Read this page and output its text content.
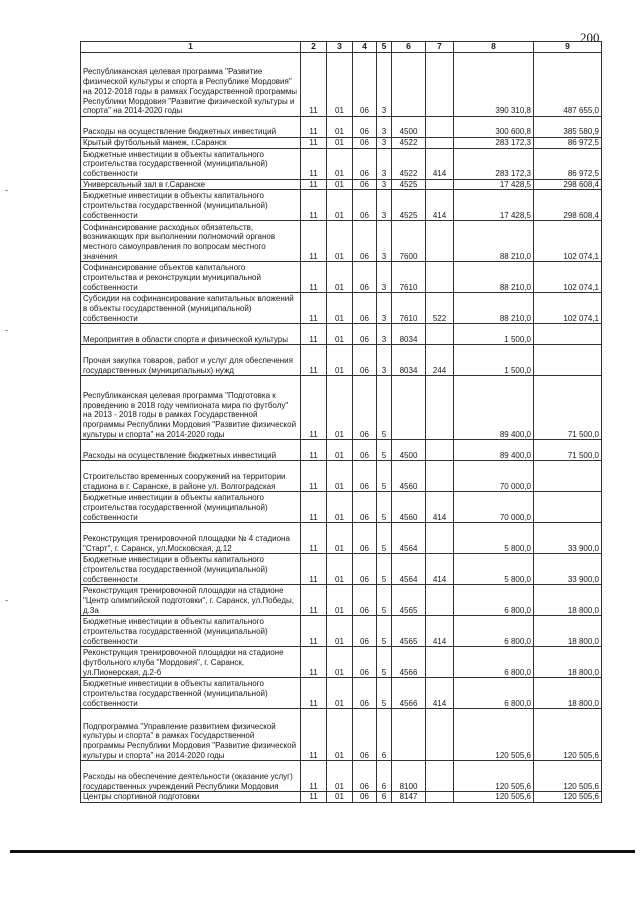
200
1	2	3	4	5	6	7	8	9
Республиканская целевая программа "Развитие физической культуры и спорта в Республике Мордовия" на 2012-2018 годы в рамках Государственной программы Республики Мордовия "Развитие физической культуры и спорта" на 2014-2020 годы	11	01	06	3			390 310,8	487 655,0
Расходы на осуществление бюджетных инвестиций	11	01	06	3	4500		300 600,8	385 580,9
Крытый футбольный манеж, г.Саранск	11	01	06	3	4522		283 172,3	86 972,5
Бюджетные инвестиции в объекты капитального строительства государственной (муниципальной) собственности	11	01	06	3	4522	414	283 172,3	86 972,5
Универсальный зал в г.Саранске	11	01	06	3	4525		17 428,5	298 608,4
Бюджетные инвестиции в объекты капитального строительства государственной (муниципальной) собственности	11	01	06	3	4525	414	17 428,5	298 608,4
Софинансирование расходных обязательств, возникающих при выполнении полномочий органов местного самоуправления по вопросам местного значения	11	01	06	3	7600		88 210,0	102 074,1
Софинансирование объектов капитального строительства и реконструкции муниципальной собственности	11	01	06	3	7610		88 210,0	102 074,1
Субсидии на софинансирование капитальных вложений в объекты государственной (муниципальной) собственности	11	01	06	3	7610	522	88 210,0	102 074,1
Мероприятия в области спорта и физической культуры	11	01	06	3	8034		1 500,0	
Прочая закупка товаров, работ и услуг для обеспечения государственных (муниципальных) нужд	11	01	06	3	8034	244	1 500,0	
Республиканская целевая программа "Подготовка к проведению в 2018 году чемпионата мира по футболу" на 2013 - 2018 годы в рамках Государственной программы Республики Мордовия "Развитие физической культуры и спорта" на 2014-2020 годы	11	01	06	5			89 400,0	71 500,0
Расходы на осуществление бюджетных инвестиций	11	01	06	5	4500		89 400,0	71 500,0
Строительство временных сооружений на территории стадиона в г. Саранске, в районе ул. Волгоградская	11	01	06	5	4560		70 000,0	
Бюджетные инвестиции в объекты капитального строительства государственной (муниципальной) собственности	11	01	06	5	4560	414	70 000,0	
Реконструкция тренировочной площадки № 4 стадиона "Старт", г. Саранск, ул.Московская, д.12	11	01	06	5	4564		5 800,0	33 900,0
Бюджетные инвестиции в объекты капитального строительства государственной (муниципальной) собственности	11	01	06	5	4564	414	5 800,0	33 900,0
Реконструкция тренировочной площадки на стадионе "Центр олимпийской подготовки", г. Саранск, ул.Победы, д.3а	11	01	06	5	4565		6 800,0	18 800,0
Бюджетные инвестиции в объекты капитального строительства государственной (муниципальной) собственности	11	01	06	5	4565	414	6 800,0	18 800,0
Реконструкция тренировочной площадки на стадионе футбольного клуба "Мордовия", г. Саранск, ул.Пионерская, д.2-б	11	01	06	5	4566		6 800,0	18 800,0
Бюджетные инвестиции в объекты капитального строительства государственной (муниципальной) собственности	11	01	06	5	4566	414	6 800,0	18 800,0
Подпрограмма "Управление развитием физической культуры и спорта" в рамках Государственной программы Республики Мордовия "Развитие физической культуры и спорта" на 2014-2020 годы	11	01	06	6			120 505,6	120 505,6
Расходы на обеспечение деятельности (оказание услуг) государственных учреждений Республики Мордовия	11	01	06	6	8100		120 505,6	120 505,6
Центры спортивной подготовки	11	01	06	6	8147		120 505,6	120 505,6
